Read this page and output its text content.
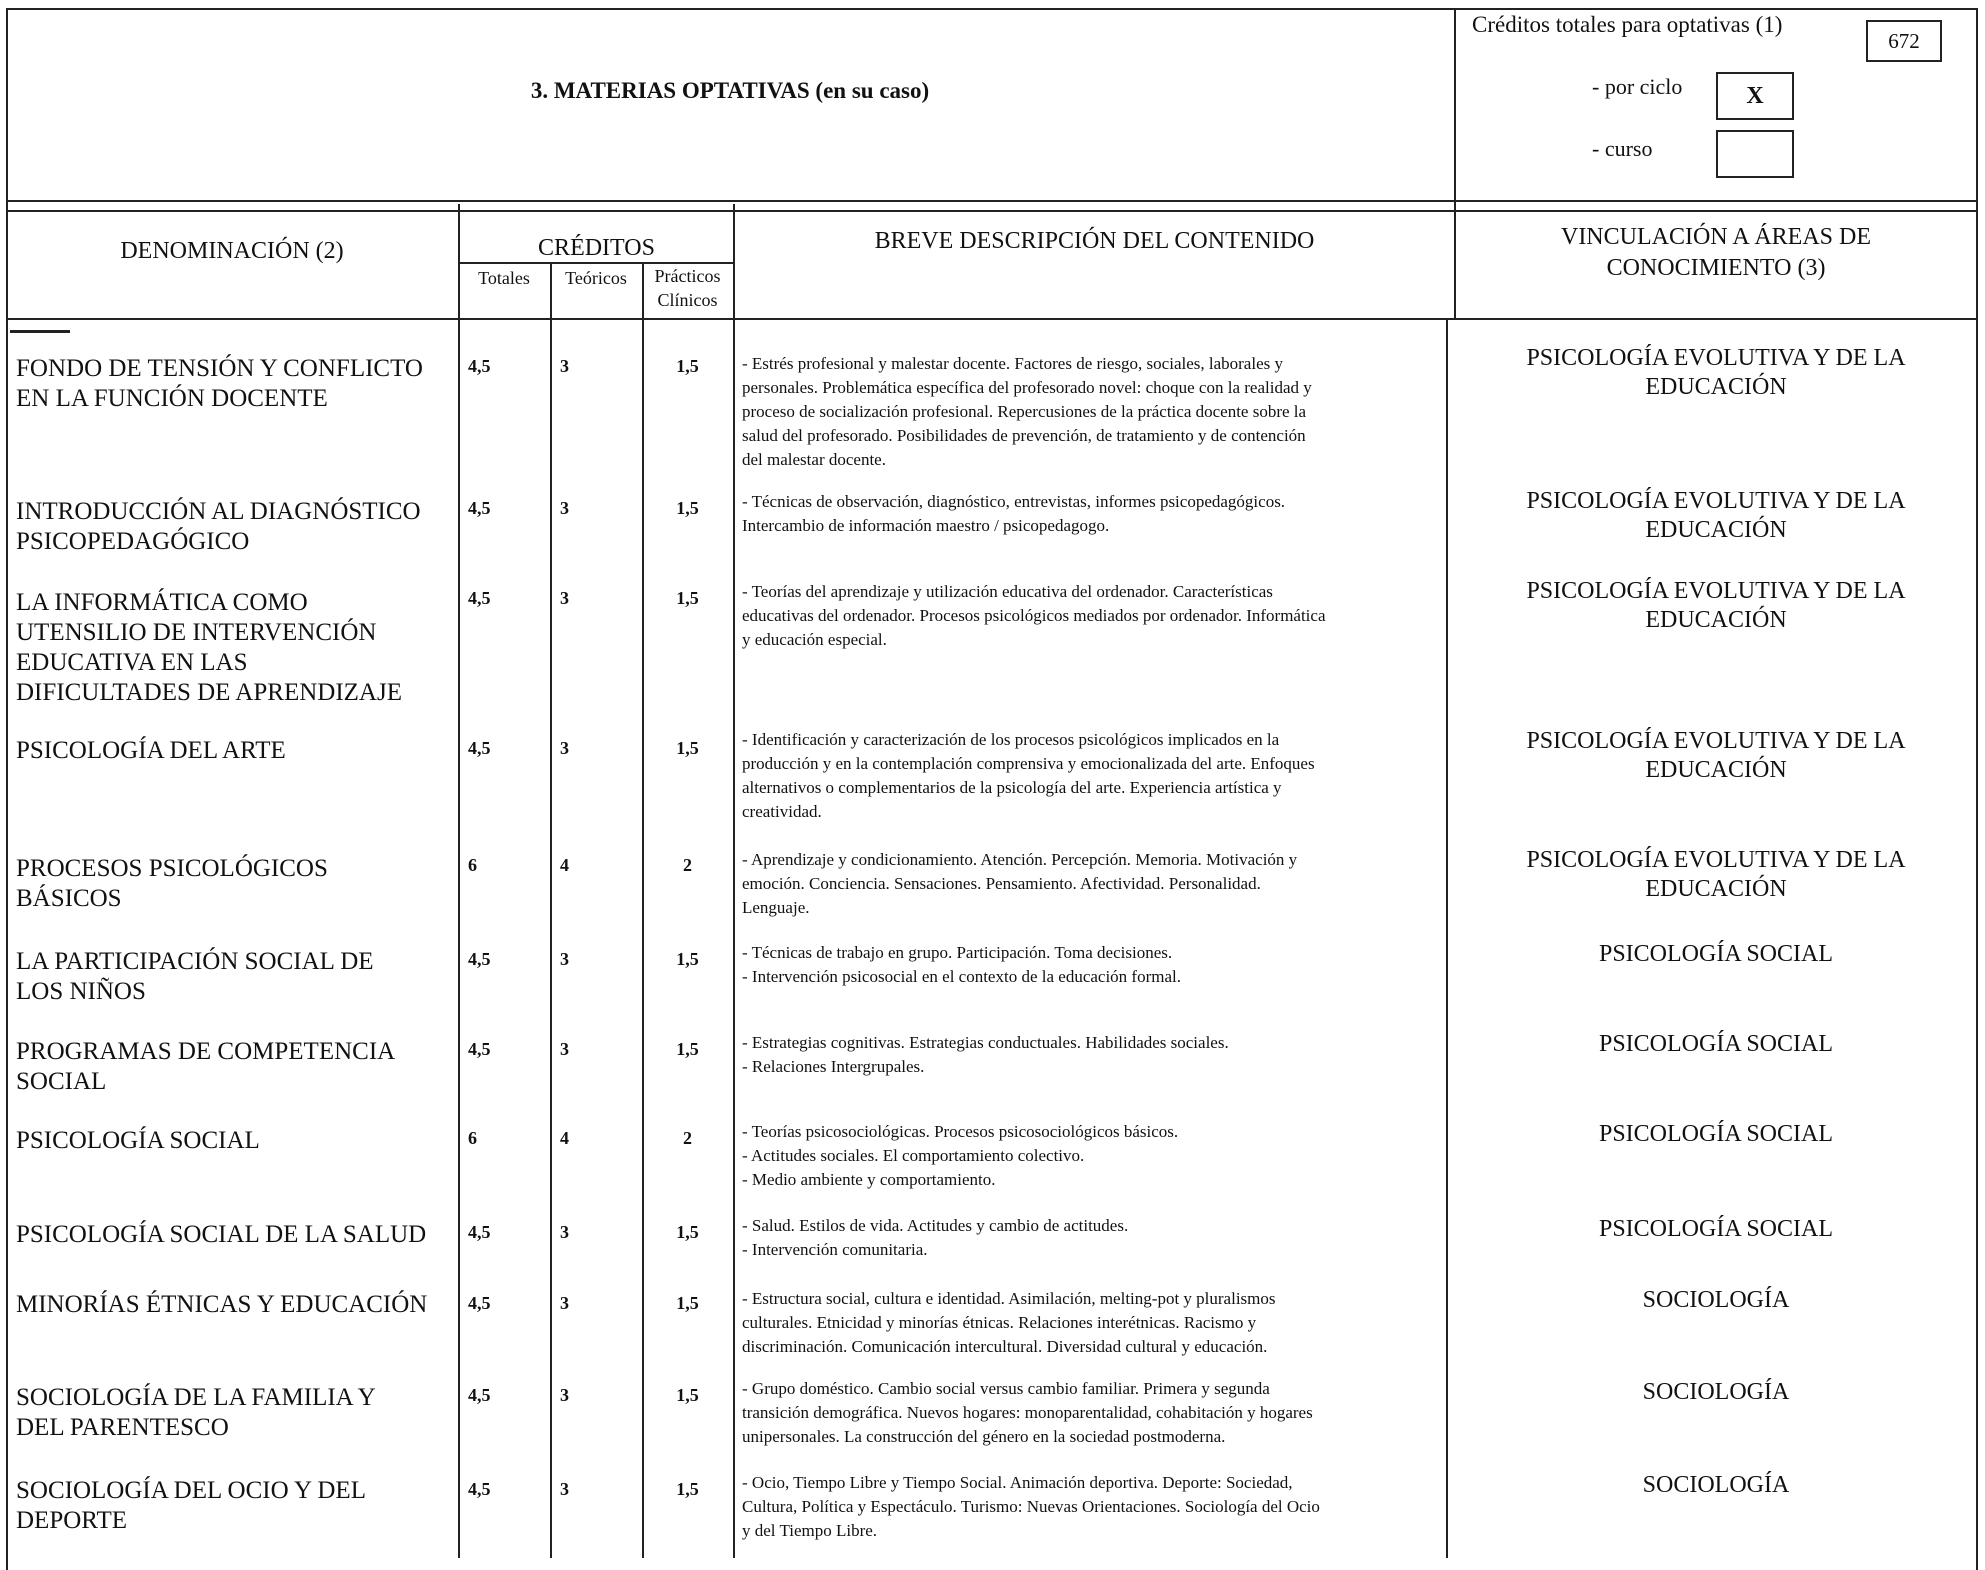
3. MATERIAS OPTATIVAS (en su caso)
Créditos totales para optativas (1)
672
- por ciclo	X
- curso
DENOMINACIÓN (2)	CRÉDITOS
Totales	Teóricos	Prácticos
Clínicos
BREVE DESCRIPCIÓN DEL CONTENIDO	VINCULACIÓN A ÁREAS DE
CONOCIMIENTO (3)
FONDO DE TENSIÓN Y CONFLICTO
EN LA FUNCIÓN DOCENTE
4,5	3	1,5	- Estrés profesional y malestar docente. Factores de riesgo, sociales, laborales y
personales. Problemática específica del profesorado novel: choque con la realidad y
proceso de socialización profesional. Repercusiones de la práctica docente sobre la
salud del profesorado. Posibilidades de prevención, de tratamiento y de contención
del malestar docente.
PSICOLOGÍA EVOLUTIVA Y DE LA
EDUCACIÓN
INTRODUCCIÓN AL DIAGNÓSTICO
PSICOPEDAGÓGICO
4,5	3	1,5	- Técnicas de observación, diagnóstico, entrevistas, informes psicopedagógicos.
Intercambio de información maestro / psicopedagogo.
PSICOLOGÍA EVOLUTIVA Y DE LA
EDUCACIÓN
LA INFORMÁTICA COMO
UTENSILIO DE INTERVENCIÓN
EDUCATIVA EN LAS
DIFICULTADES DE APRENDIZAJE
4,5	3	1,5	- Teorías del aprendizaje y utilización educativa del ordenador. Características
educativas del ordenador. Procesos psicológicos mediados por ordenador. Informática
y educación especial.
PSICOLOGÍA EVOLUTIVA Y DE LA
EDUCACIÓN
PSICOLOGÍA DEL ARTE	4,5	3	1,5	- Identificación y caracterización de los procesos psicológicos implicados en la
producción y en la contemplación comprensiva y emocionalizada del arte. Enfoques
alternativos o complementarios de la psicología del arte. Experiencia artística y
creatividad.
PSICOLOGÍA EVOLUTIVA Y DE LA
EDUCACIÓN
PROCESOS PSICOLÓGICOS
BÁSICOS
6	4	2	- Aprendizaje y condicionamiento. Atención. Percepción. Memoria. Motivación y
emoción. Conciencia. Sensaciones. Pensamiento. Afectividad. Personalidad.
Lenguaje.
PSICOLOGÍA EVOLUTIVA Y DE LA
EDUCACIÓN
LA PARTICIPACIÓN SOCIAL DE
LOS NIÑOS
4,5	3	1,5	- Técnicas de trabajo en grupo. Participación. Toma decisiones.
- Intervención psicosocial en el contexto de la educación formal.
PSICOLOGÍA SOCIAL
PROGRAMAS DE COMPETENCIA
SOCIAL
4,5	3	1,5	- Estrategias cognitivas. Estrategias conductuales. Habilidades sociales.
- Relaciones Intergrupales.
PSICOLOGÍA SOCIAL
PSICOLOGÍA SOCIAL	6	4	2	- Teorías psicosociológicas. Procesos psicosociológicos básicos.
- Actitudes sociales. El comportamiento colectivo.
- Medio ambiente y comportamiento.
PSICOLOGÍA SOCIAL
PSICOLOGÍA SOCIAL DE LA SALUD	4,5	3	1,5	- Salud. Estilos de vida. Actitudes y cambio de actitudes.
- Intervención comunitaria.
PSICOLOGÍA SOCIAL
MINORÍAS ÉTNICAS Y EDUCACIÓN	4,5	3	1,5	- Estructura social, cultura e identidad. Asimilación, melting-pot y pluralismos
culturales. Etnicidad y minorías étnicas. Relaciones interétnicas. Racismo y
discriminación. Comunicación intercultural. Diversidad cultural y educación.
SOCIOLOGÍA
SOCIOLOGÍA DE LA FAMILIA Y
DEL PARENTESCO
4,5	3	1,5	- Grupo doméstico. Cambio social versus cambio familiar. Primera y segunda
transición demográfica. Nuevos hogares: monoparentalidad, cohabitación y hogares
unipersonales. La construcción del género en la sociedad postmoderna.
SOCIOLOGÍA
SOCIOLOGÍA DEL OCIO Y DEL
DEPORTE
4,5	3	1,5	- Ocio, Tiempo Libre y Tiempo Social. Animación deportiva. Deporte: Sociedad,
Cultura, Política y Espectáculo. Turismo: Nuevas Orientaciones. Sociología del Ocio
y del Tiempo Libre.
SOCIOLOGÍA
